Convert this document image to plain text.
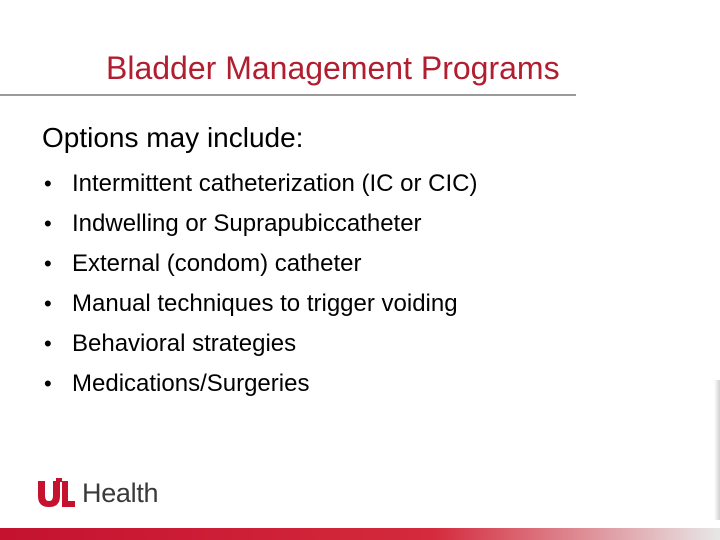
Bladder Management Programs
Options may include:
• Intermittent catheterization (IC or CIC)
• Indwelling or Suprapubiccatheter
• External (condom) catheter
• Manual techniques to trigger voiding
• Behavioral strategies
• Medications/Surgeries
Health
